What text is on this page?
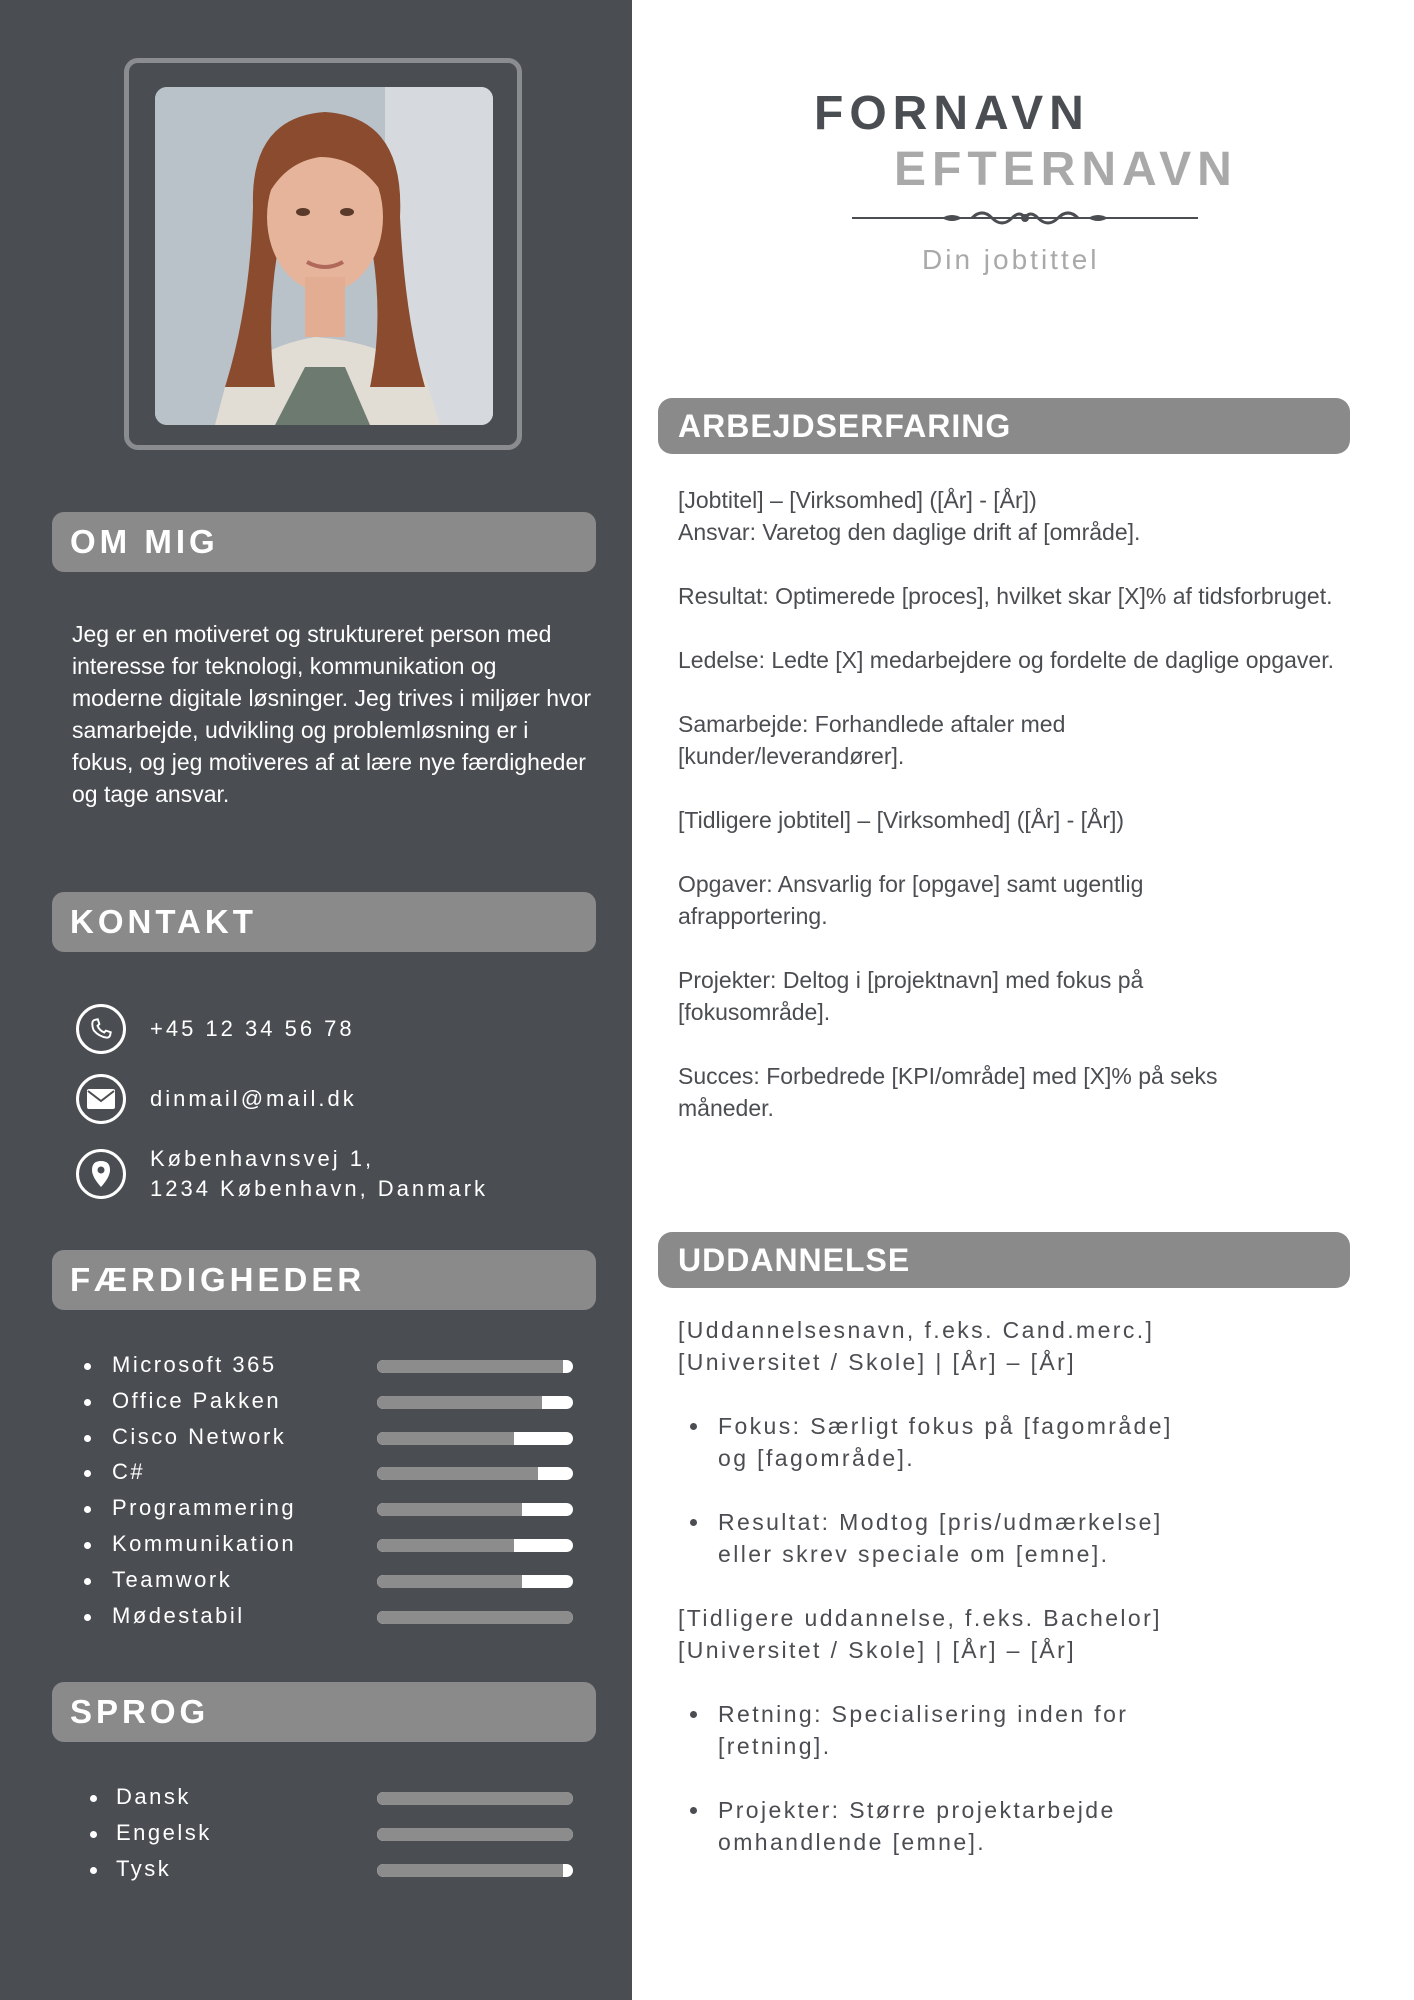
OM MIG
Jeg er en motiveret og struktureret person med interesse for teknologi, kommunikation og moderne digitale løsninger. Jeg trives i miljøer hvor samarbejde, udvikling og problemløsning er i fokus, og jeg motiveres af at lære nye færdigheder og tage ansvar.
KONTAKT
+45 12 34 56 78
dinmail@mail.dk
Københavnsvej 1,
1234 København, Danmark
FÆRDIGHEDER
Microsoft 365
Office Pakken
Cisco Network
C#
Programmering
Kommunikation
Teamwork
Mødestabil
SPROG
Dansk
Engelsk
Tysk
FORNAVN
EFTERNAVN
Din jobtittel
ARBEJDSERFARING

[Jobtitel] – [Virksomhed] ([År] - [År])
Ansvar: Varetog den daglige drift af [område].

Resultat: Optimerede [proces], hvilket skar [X]% af tidsforbruget.

Ledelse: Ledte [X] medarbejdere og fordelte de daglige opgaver.

Samarbejde: Forhandlede aftaler med [kunder/leverandører].

[Tidligere jobtitel] – [Virksomhed] ([År] - [År])

Opgaver: Ansvarlig for [opgave] samt ugentlig afrapportering.

Projekter: Deltog i [projektnavn] med fokus på [fokusområde].

Succes: Forbedrede [KPI/område] med [X]% på seks måneder.

UDDANNELSE

[Uddannelsesnavn, f.eks. Cand.merc.]
[Universitet / Skole] | [År] – [År]

Fokus: Særligt fokus på [fagområde]
og [fagområde].
Resultat: Modtog [pris/udmærkelse]
eller skrev speciale om [emne].

[Tidligere uddannelse, f.eks. Bachelor]
[Universitet / Skole] | [År] – [År]

Retning: Specialisering inden for
[retning].
Projekter: Større projektarbejde
omhandlende [emne].
